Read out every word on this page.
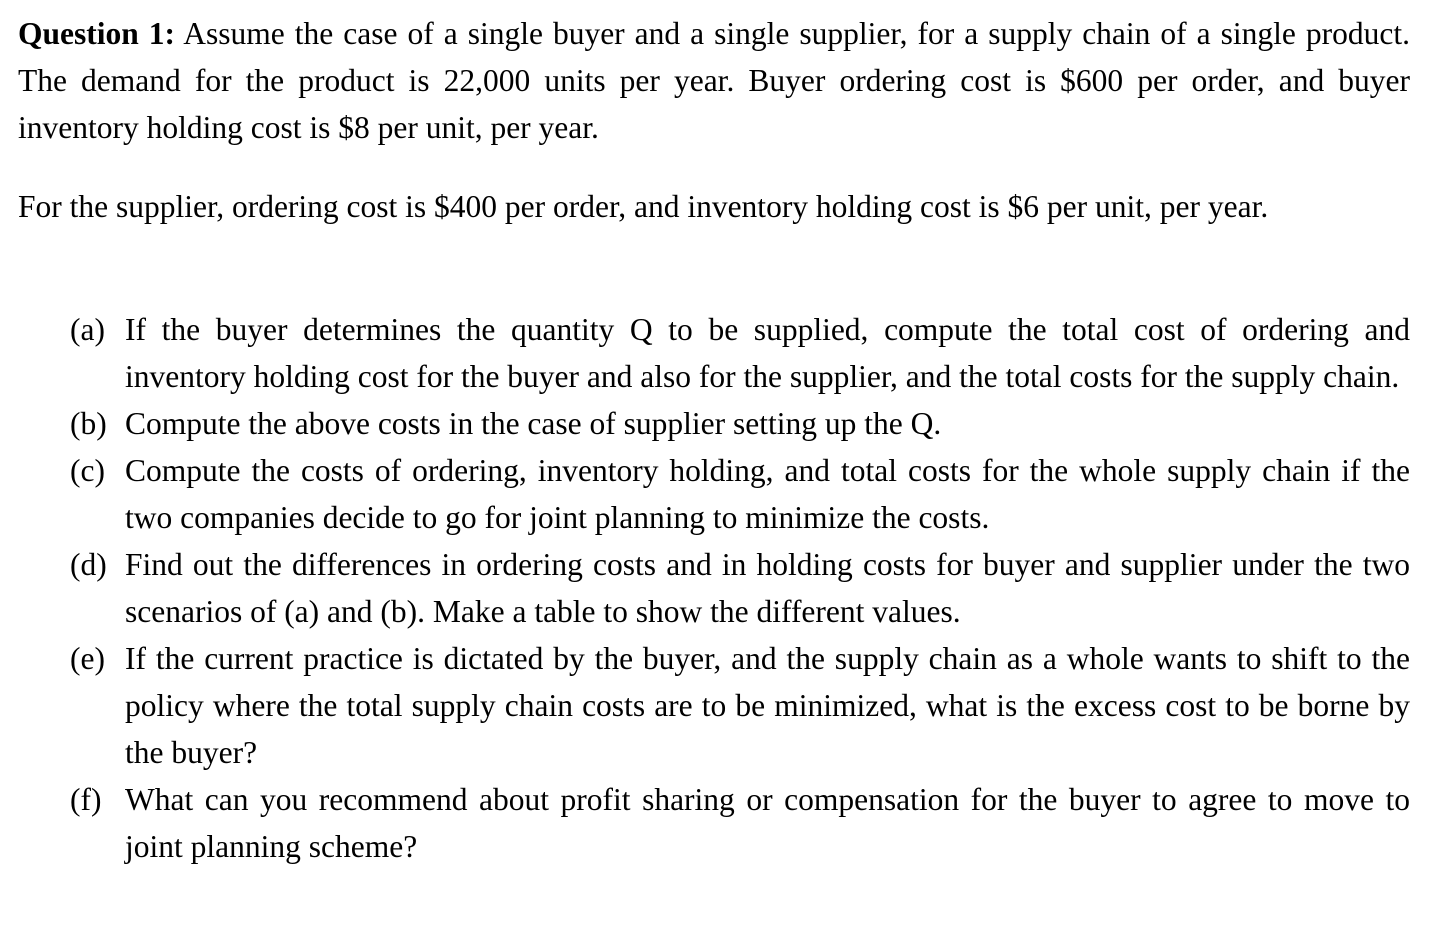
Question 1: Assume the case of a single buyer and a single supplier, for a supply chain of a single product. The demand for the product is 22,000 units per year. Buyer ordering cost is $600 per order, and buyer inventory holding cost is $8 per unit, per year.

For the supplier, ordering cost is $400 per order, and inventory holding cost is $6 per unit, per year.

(a) If the buyer determines the quantity Q to be supplied, compute the total cost of ordering and inventory holding cost for the buyer and also for the supplier, and the total costs for the supply chain.
(b) Compute the above costs in the case of supplier setting up the Q.
(c) Compute the costs of ordering, inventory holding, and total costs for the whole supply chain if the two companies decide to go for joint planning to minimize the costs.
(d) Find out the differences in ordering costs and in holding costs for buyer and supplier under the two scenarios of (a) and (b). Make a table to show the different values.
(e) If the current practice is dictated by the buyer, and the supply chain as a whole wants to shift to the policy where the total supply chain costs are to be minimized, what is the excess cost to be borne by the buyer?
(f) What can you recommend about profit sharing or compensation for the buyer to agree to move to joint planning scheme?
